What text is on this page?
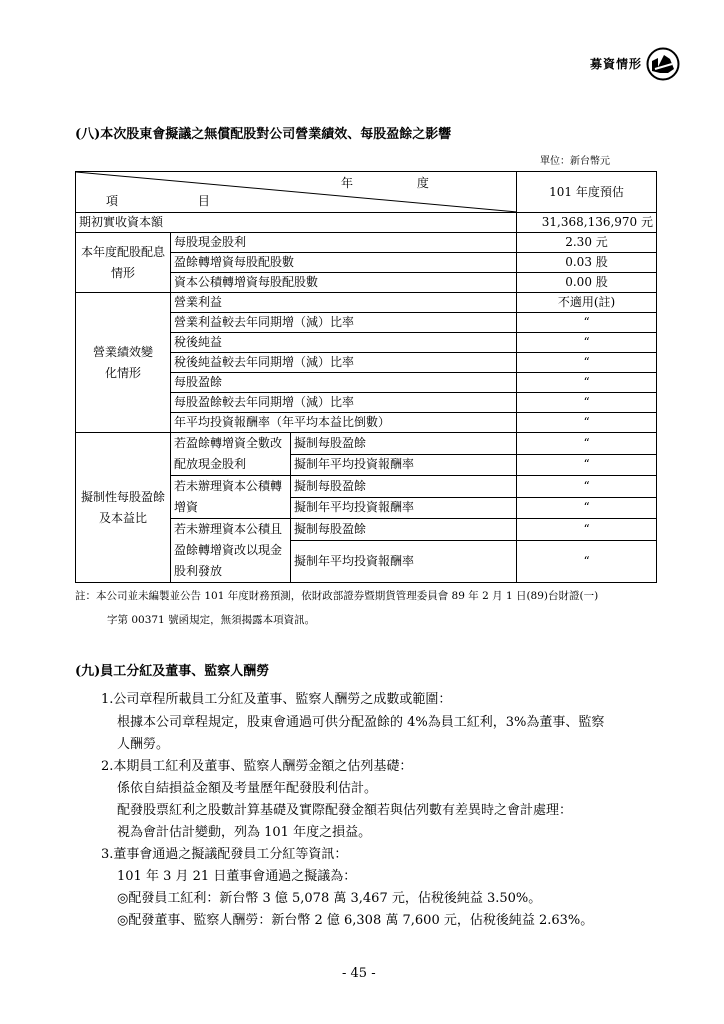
募資情形
(八)本次股東會擬議之無償配股對公司營業績效、每股盈餘之影響
單位：新台幣元
年 度
項 目			101 年度預估
期初實收資本額			31,368,136,970 元
本年度配股配息情形	每股現金股利		2.30 元
	盈餘轉增資每股配股數		0.03 股
	資本公積轉增資每股配股數		0.00 股
營業績效變化情形	營業利益		不適用(註)
	營業利益較去年同期增（減）比率		“
	稅後純益		“
	稅後純益較去年同期增（減）比率		“
	每股盈餘		“
	每股盈餘較去年同期增（減）比率		“
	年平均投資報酬率（年平均本益比倒數）		“
擬制性每股盈餘及本益比	若盈餘轉增資全數改配放現金股利	擬制每股盈餘	“
		擬制年平均投資報酬率	“
	若未辦理資本公積轉增資	擬制每股盈餘	“
		擬制年平均投資報酬率	“
	若未辦理資本公積且盈餘轉增資改以現金股利發放	擬制每股盈餘	“
		擬制年平均投資報酬率	“
註：本公司並未編製並公告 101 年度財務預測，依財政部證券暨期貨管理委員會 89 年 2 月 1 日(89)台財證(一)
字第 00371 號函規定，無須揭露本項資訊。
(九)員工分紅及董事、監察人酬勞
1.公司章程所載員工分紅及董事、監察人酬勞之成數或範圍：
根據本公司章程規定，股東會通過可供分配盈餘的 4%為員工紅利，3%為董事、監察
人酬勞。
2.本期員工紅利及董事、監察人酬勞金額之估列基礎：
係依自結損益金額及考量歷年配發股利估計。
配發股票紅利之股數計算基礎及實際配發金額若與估列數有差異時之會計處理：
視為會計估計變動，列為 101 年度之損益。
3.董事會通過之擬議配發員工分紅等資訊：
101 年 3 月 21 日董事會通過之擬議為：
◎配發員工紅利：新台幣 3 億 5,078 萬 3,467 元，佔稅後純益 3.50%。
◎配發董事、監察人酬勞：新台幣 2 億 6,308 萬 7,600 元，佔稅後純益 2.63%。
- 45 -
